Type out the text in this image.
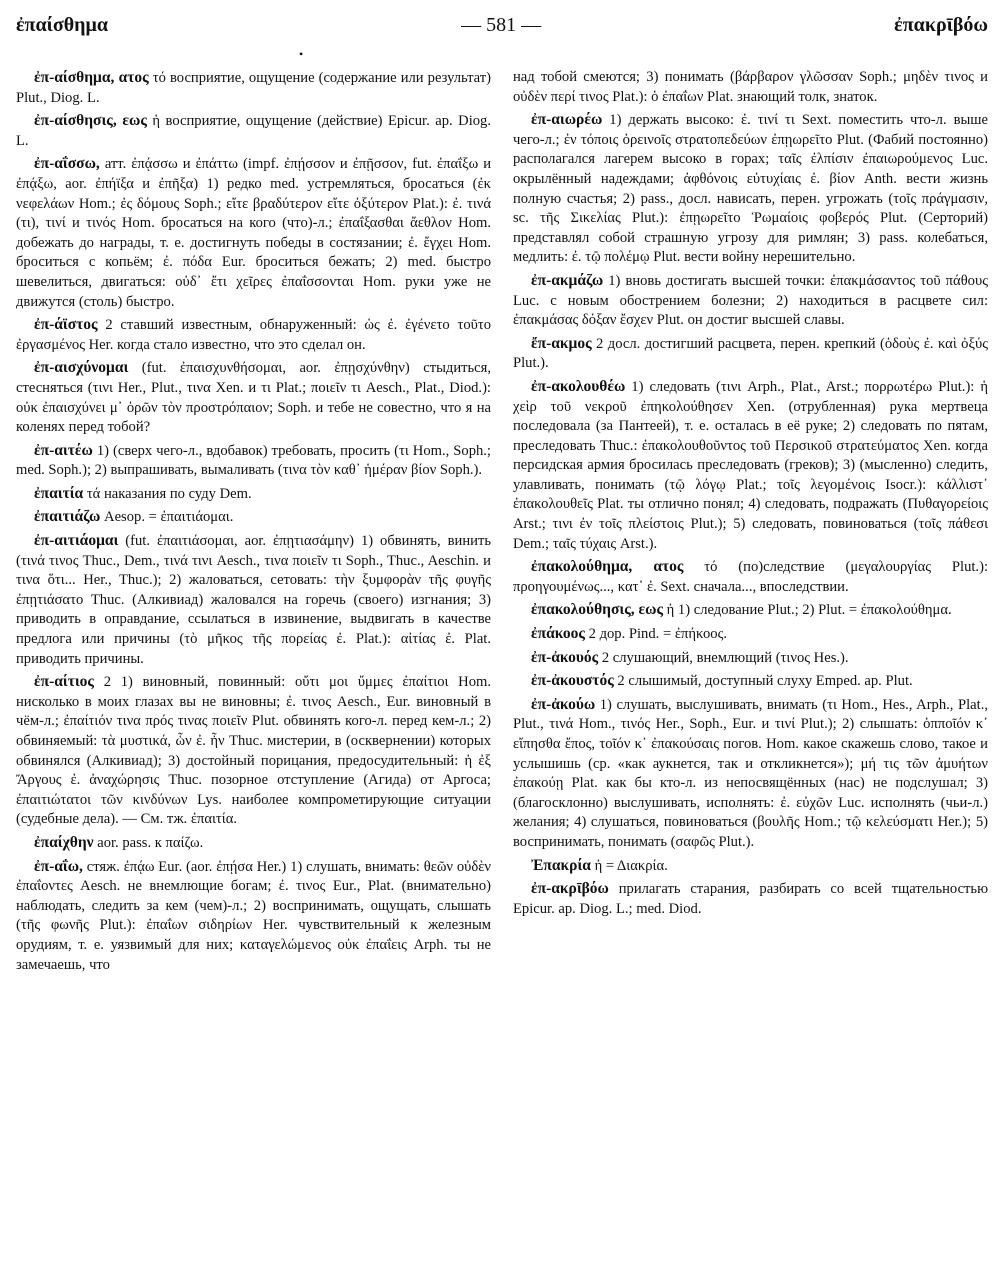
ἐπαίσθημα	— 581 —	ἐπακρῑβόω
•

ἐπ-αίσθημα, ατος τό восприятие, ощущение (содержание или результат) Plut., Diog. L.

ἐπ-αίσθησις, εως ἡ восприятие, ощущение (действие) Epicur. ap. Diog. L.

ἐπ-αΐσσω, атт. ἐπᾴσσω и ἐπάττω (impf. ἐπῄσσον и ἐπῇσσον, fut. ἐπαΐξω и ἐπᾴξω, aor. ἐπήϊξα и ἐπῆξα) 1) редко med. устремляться, бросаться (ἐκ νεφελάων Hom.; ἐς δόμους Soph.; εἴτε βραδύτερον εἴτε ὀξύτερον Plat.): ἐ. τινά (τι), τινί и τινός Hom. бросаться на кого (что)-л.; ἐπαΐξασθαι ἄεθλον Hom. добежать до награды, т. е. достигнуть победы в состязании; ἐ. ἔγχει Hom. броситься с копьём; ἐ. πόδα Eur. броситься бежать; 2) med. быстро шевелиться, двигаться: οὐδ᾽ ἔτι χεῖρες ἐπαΐσσονται Hom. руки уже не движутся (столь) быстро.

ἐπ-άϊστος 2 ставший известным, обнаруженный: ὡς ἐ. ἐγένετο τοῦτο ἐργασμένος Her. когда стало известно, что это сделал он.

ἐπ-αισχύνομαι (fut. ἐπαισχυνθήσομαι, aor. ἐπῃσχύνθην) стыдиться, стесняться (τινι Her., Plut., τινα Xen. и τι Plat.; ποιεῖν τι Aesch., Plat., Diod.): οὐκ ἐπαισχύνει μ᾽ ὁρῶν τὸν προστρόπαιον; Soph. и тебе не совестно, что я на коленях перед тобой?

ἐπ-αιτέω 1) (сверх чего-л., вдобавок) требовать, просить (τι Hom., Soph.; med. Soph.); 2) выпрашивать, вымаливать (τινα τὸν καθ᾽ ἡμέραν βίον Soph.).

ἐπαιτία τά наказания по суду Dem.

ἐπαιτιάζω Aesop. = ἐπαιτιάομαι.

ἐπ-αιτιάομαι (fut. ἐπαιτιάσομαι, aor. ἐπῃτιασάμην) 1) обвинять, винить (τινά τινος Thuc., Dem., τινά τινι Aesch., τινα ποιεῖν τι Soph., Thuc., Aeschin. и τινα ὅτι... Her., Thuc.); 2) жаловаться, сетовать: τὴν ξυμφορὰν τῆς φυγῆς ἐπῃτιάσατο Thuc. (Алкивиад) жаловался на горечь (своего) изгнания; 3) приводить в оправдание, ссылаться в извинение, выдвигать в качестве предлога или причины (τὸ μῆκος τῆς πορείας ἐ. Plat.): αἰτίας ἐ. Plat. приводить причины.

ἐπ-αίτιος 2 1) виновный, повинный: οὔτι μοι ὔμμες ἐπαίτιοι Hom. нисколько в моих глазах вы не виновны; ἐ. τινος Aesch., Eur. виновный в чём-л.; ἐπαίτιόν τινα πρός τινας ποιεῖν Plut. обвинять кого-л. перед кем-л.; 2) обвиняемый: τὰ μυστικά, ὧν ἐ. ἦν Thuc. мистерии, в (осквернении) которых обвинялся (Алкивиад); 3) достойный порицания, предосудительный: ἡ ἐξ Ἄργους ἐ. ἀναχώρησις Thuc. позорное отступление (Агида) от Аргоса; ἐπαιτιώτατοι τῶν κινδύνων Lys. наиболее компрометирующие ситуации (судебные дела). — См. тж. ἐπαιτία.

ἐπαίχθην aor. pass. к παίζω.

ἐπ-αΐω, стяж. ἐπᾴω Eur. (aor. ἐπῄσα Her.) 1) слушать, внимать: θεῶν οὐδὲν ἐπαΐοντες Aesch. не внемлющие богам; ἐ. τινος Eur., Plat. (внимательно) наблюдать, следить за кем (чем)-л.; 2) воспринимать, ощущать, слышать (τῆς φωνῆς Plut.): ἐπαΐων σιδηρίων Her. чувствительный к железным орудиям, т. е. уязвимый для них; καταγελώμενος οὐκ ἐπαΐεις Arph. ты не замечаешь, что

над тобой смеются; 3) понимать (βάρβαρον γλῶσσαν Soph.; μηδὲν τινος и οὐδὲν περί τινος Plat.): ὁ ἐπαΐων Plat. знающий толк, знаток.

ἐπ-αιωρέω 1) держать высоко: ἐ. τινί τι Sext. поместить что-л. выше чего-л.; ἐν τόποις ὀρεινοῖς στρατοπεδεύων ἐπῃωρεῖτο Plut. (Фабий постоянно) располагался лагерем высоко в горах; ταῖς ἐλπίσιν ἐπαιωρούμενος Luc. окрылённый надеждами; ἀφθόνοις εὐτυχίαις ἐ. βίον Anth. вести жизнь полную счастья; 2) pass., досл. нависать, перен. угрожать (τοῖς πράγμασιν, sc. τῆς Σικελίας Plut.): ἐπῃωρεῖτο Ῥωμαίοις φοβερός Plut. (Серторий) представлял собой страшную угрозу для римлян; 3) pass. колебаться, медлить: ἐ. τῷ πολέμῳ Plut. вести войну нерешительно.

ἐπ-ακμάζω 1) вновь достигать высшей точки: ἐπακμάσαντος τοῦ πάθους Luc. с новым обострением болезни; 2) находиться в расцвете сил: ἐπακμάσας δόξαν ἔσχεν Plut. он достиг высшей славы.

ἔπ-ακμος 2 досл. достигший расцвета, перен. крепкий (ὁδοὺς ἐ. καὶ ὀξύς Plut.).

ἐπ-ακολουθέω 1) следовать (τινι Arph., Plat., Arst.; πορρωτέρω Plut.): ἡ χεὶρ τοῦ νεκροῦ ἐπηκολούθησεν Xen. (отрубленная) рука мертвеца последовала (за Пантеей), т. е. осталась в её руке; 2) следовать по пятам, преследовать Thuc.: ἐπακολουθοῦντος τοῦ Περσικοῦ στρατεύματος Xen. когда персидская армия бросилась преследовать (греков); 3) (мысленно) следить, улавливать, понимать (τῷ λόγῳ Plat.; τοῖς λεγομένοις Isocr.): κάλλιστ᾽ ἐπακολουθεῖς Plat. ты отлично понял; 4) следовать, подражать (Πυθαγορείοις Arst.; τινι ἐν τοῖς πλείστοις Plut.); 5) следовать, повиноваться (τοῖς πάθεσι Dem.; ταῖς τύχαις Arst.).

ἐπακολούθημα, ατος τό (по)следствие (μεγαλουργίας Plut.): προηγουμένως..., κατ᾽ ἐ. Sext. сначала..., впоследствии.

ἐπακολούθησις, εως ἡ 1) следование Plut.; 2) Plut. = ἐπακολούθημα.

ἐπάκοος 2 дор. Pind. = ἐπήκοος.

ἐπ-ἀκουός 2 слушающий, внемлющий (τινος Hes.).

ἐπ-ἀκουστός 2 слышимый, доступный слуху Emped. ap. Plut.

ἐπ-ἀκούω 1) слушать, выслушивать, внимать (τι Hom., Hes., Arph., Plat., Plut., τινά Hom., τινός Her., Soph., Eur. и τινί Plut.); 2) слышать: ὁπποῖόν κ᾽ εἴπησθα ἔπος, τοῖόν κ᾽ ἐπακούσαις погов. Hom. какое скажешь слово, такое и услышишь (ср. «как аукнется, так и откликнется»); μή τις τῶν ἀμυήτων ἐπακούῃ Plat. как бы кто-л. из непосвящённых (нас) не подслушал; 3) (благосклонно) выслушивать, исполнять: ἐ. εὐχῶν Luc. исполнять (чьи-л.) желания; 4) слушаться, повиноваться (βουλῆς Hom.; τῷ κελεύσματι Her.); 5) воспринимать, понимать (σαφῶς Plut.).

Ἐπακρία ἡ = Διακρία.

ἐπ-ακρῑβόω прилагать старания, разбирать со всей тщательностью Epicur. ap. Diog. L.; med. Diod.
